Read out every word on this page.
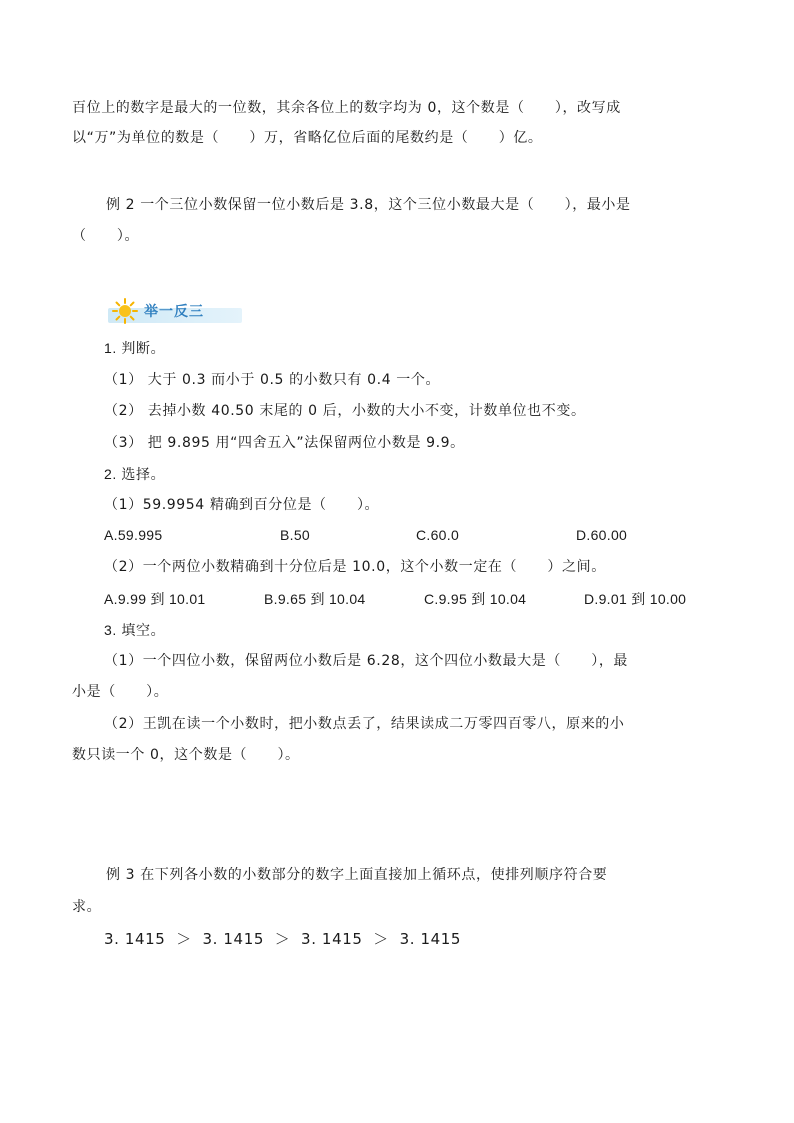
百位上的数字是最大的一位数，其余各位上的数字均为 0，这个数是（      ），改写成
以“万”为单位的数是（      ）万，省略亿位后面的尾数约是（      ）亿。
例 2 一个三位小数保留一位小数后是 3.8，这个三位小数最大是（      ），最小是
（      ）。
举一反三
1. 判断。
（1） 大于 0.3 而小于 0.5 的小数只有 0.4 一个。
（2） 去掉小数 40.50 末尾的 0 后，小数的大小不变，计数单位也不变。
（3） 把 9.895 用“四舍五入”法保留两位小数是 9.9。
2. 选择。
（1）59.9954 精确到百分位是（      ）。
A.59.995	B.50	C.60.0	D.60.00
（2）一个两位小数精确到十分位后是 10.0，这个小数一定在（      ）之间。
A.9.99 到 10.01	B.9.65 到 10.04	C.9.95 到 10.04	D.9.01 到 10.00
3. 填空。
（1）一个四位小数，保留两位小数后是 6.28，这个四位小数最大是（      ），最
小是（      ）。
（2）王凯在读一个小数时，把小数点丢了，结果读成二万零四百零八，原来的小
数只读一个 0，这个数是（      ）。
例 3 在下列各小数的小数部分的数字上面直接加上循环点，使排列顺序符合要
求。
3. 1415  ＞  3. 1415  ＞  3. 1415  ＞  3. 1415
